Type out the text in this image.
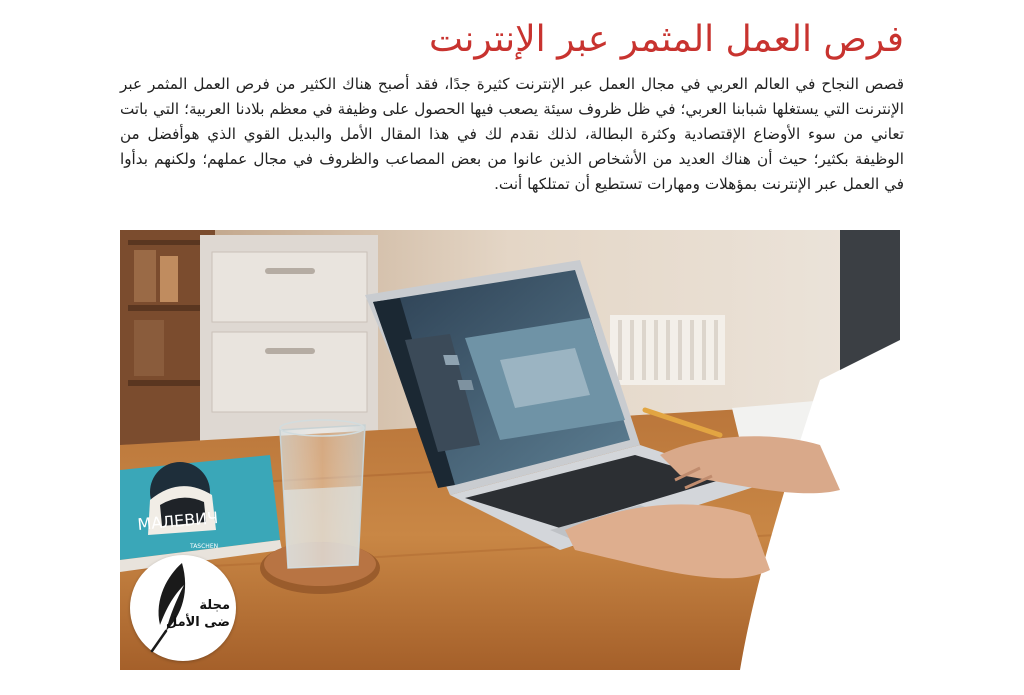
فرص العمل المثمر عبر الإنترنت

قصص النجاح في العالم العربي في مجال العمل عبر الإنترنت كثيرة جدًا، فقد أصبح هناك الكثير من فرص العمل المثمر عبر الإنترنت التي يستغلها شبابنا العربي؛ في ظل ظروف سيئة يصعب فيها الحصول على وظيفة في معظم بلادنا العربية؛ التي باتت تعاني من سوء الأوضاع الإقتصادية وكثرة البطالة، لذلك نقدم لك في هذا المقال الأمل والبديل القوي الذي هوأفضل من الوظيفة بكثير؛ حيث أن هناك العديد من الأشخاص الذين عانوا من بعض المصاعب والظروف في مجال عملهم؛ ولكنهم بدأوا في العمل عبر الإنترنت بمؤهلات ومهارات تستطيع أن تمتلكها أنت.

МАЛЕВИЧ
TASCHEN
مجلة
ضى الأمل
